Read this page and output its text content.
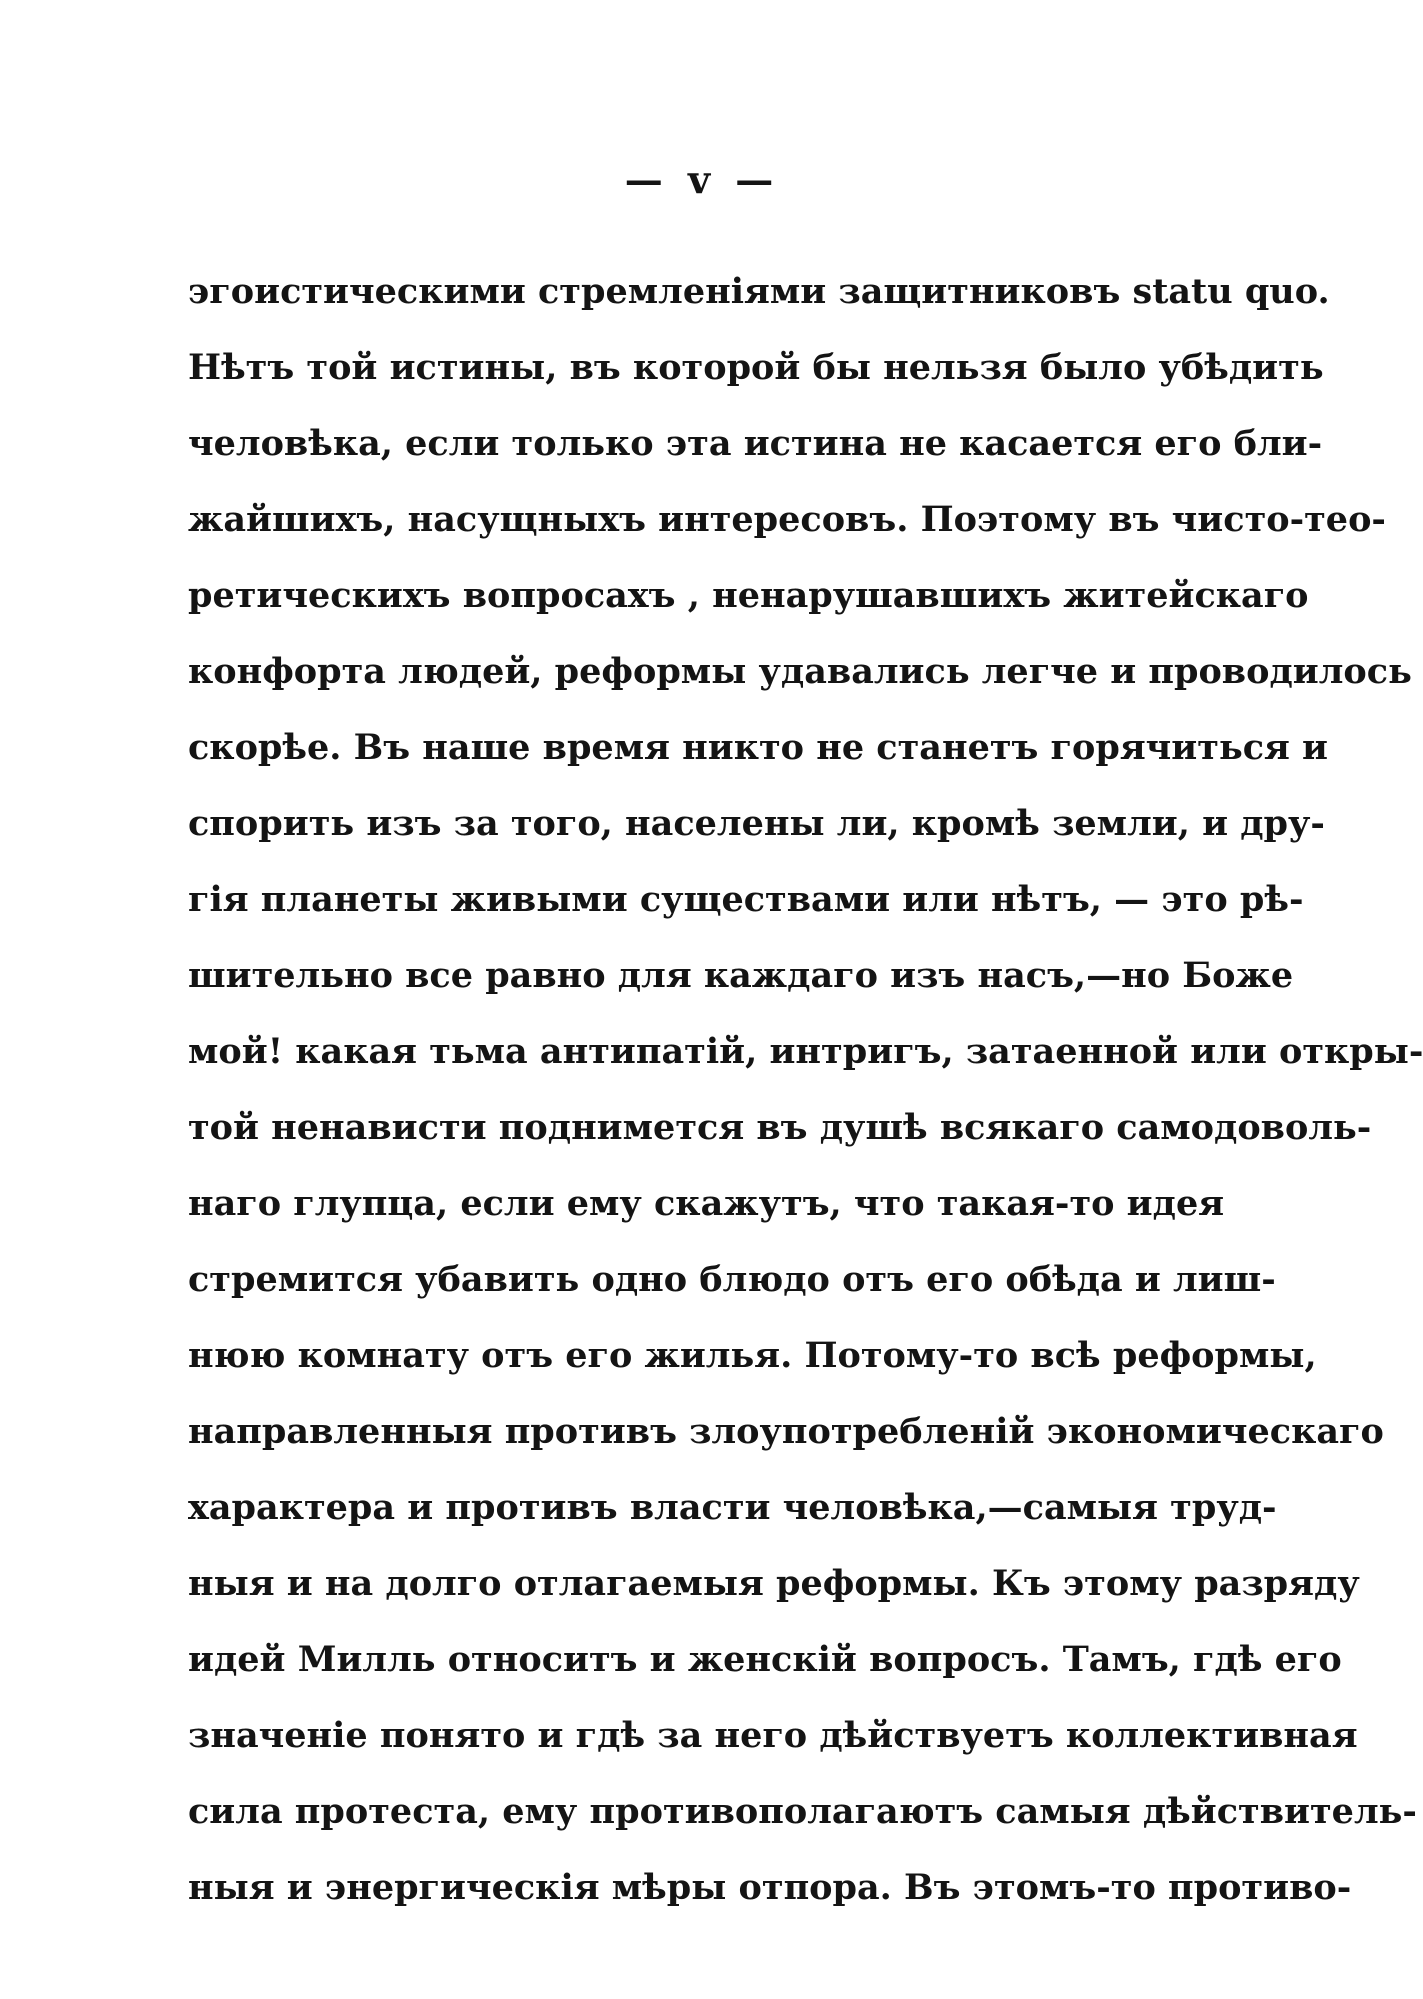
— v —
эгоистическими стремленіями защитниковъ statu quo.
Нѣтъ той истины, въ которой бы нельзя было убѣдить
человѣка, если только эта истина не касается его бли-
жайшихъ, насущныхъ интересовъ. Поэтому въ чисто-тео-
ретическихъ вопросахъ , ненарушавшихъ житейскаго
конфорта людей, реформы удавались легче и проводилось
скорѣе. Въ наше время никто не станетъ горячиться и
спорить изъ за того, населены ли, кромѣ земли, и дру-
гія планеты живыми существами или нѣтъ, — это рѣ-
шительно все равно для каждаго изъ насъ,—но Боже
мой! какая тьма антипатій, интригъ, затаенной или откры-
той ненависти поднимется въ душѣ всякаго самодоволь-
наго глупца, если ему скажутъ, что такая-то идея
стремится убавить одно блюдо отъ его обѣда и лиш-
нюю комнату отъ его жилья. Потому-то всѣ реформы,
направленныя противъ злоупотребленій экономическаго
характера и противъ власти человѣка,—самыя труд-
ныя и на долго отлагаемыя реформы. Къ этому разряду
идей Милль относитъ и женскій вопросъ. Тамъ, гдѣ его
значеніе понято и гдѣ за него дѣйствуетъ коллективная
сила протеста, ему противополагаютъ самыя дѣйствитель-
ныя и энергическія мѣры отпора. Въ этомъ-то противо-
